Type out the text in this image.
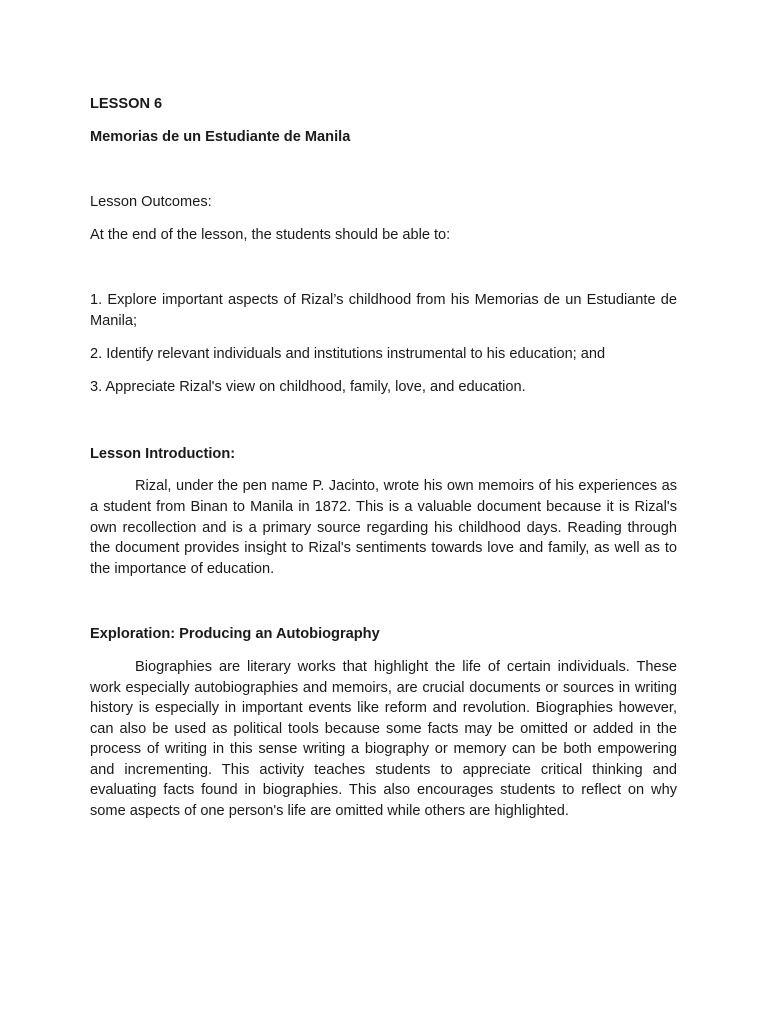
LESSON 6

Memorias de un Estudiante de Manila

Lesson Outcomes:

At the end of the lesson, the students should be able to:

1. Explore important aspects of Rizal’s childhood from his Memorias de un Estudiante de Manila;

2. Identify relevant individuals and institutions instrumental to his education; and

3. Appreciate Rizal's view on childhood, family, love, and education.

Lesson Introduction:

Rizal, under the pen name P. Jacinto, wrote his own memoirs of his experiences as a student from Binan to Manila in 1872. This is a valuable document because it is Rizal's own recollection and is a primary source regarding his childhood days. Reading through the document provides insight to Rizal's sentiments towards love and family, as well as to the importance of education.

Exploration: Producing an Autobiography

Biographies are literary works that highlight the life of certain individuals. These work especially autobiographies and memoirs, are crucial documents or sources in writing history is especially in important events like reform and revolution. Biographies however, can also be used as political tools because some facts may be omitted or added in the process of writing in this sense writing a biography or memory can be both empowering and incrementing. This activity teaches students to appreciate critical thinking and evaluating facts found in biographies. This also encourages students to reflect on why some aspects of one person's life are omitted while others are highlighted.
